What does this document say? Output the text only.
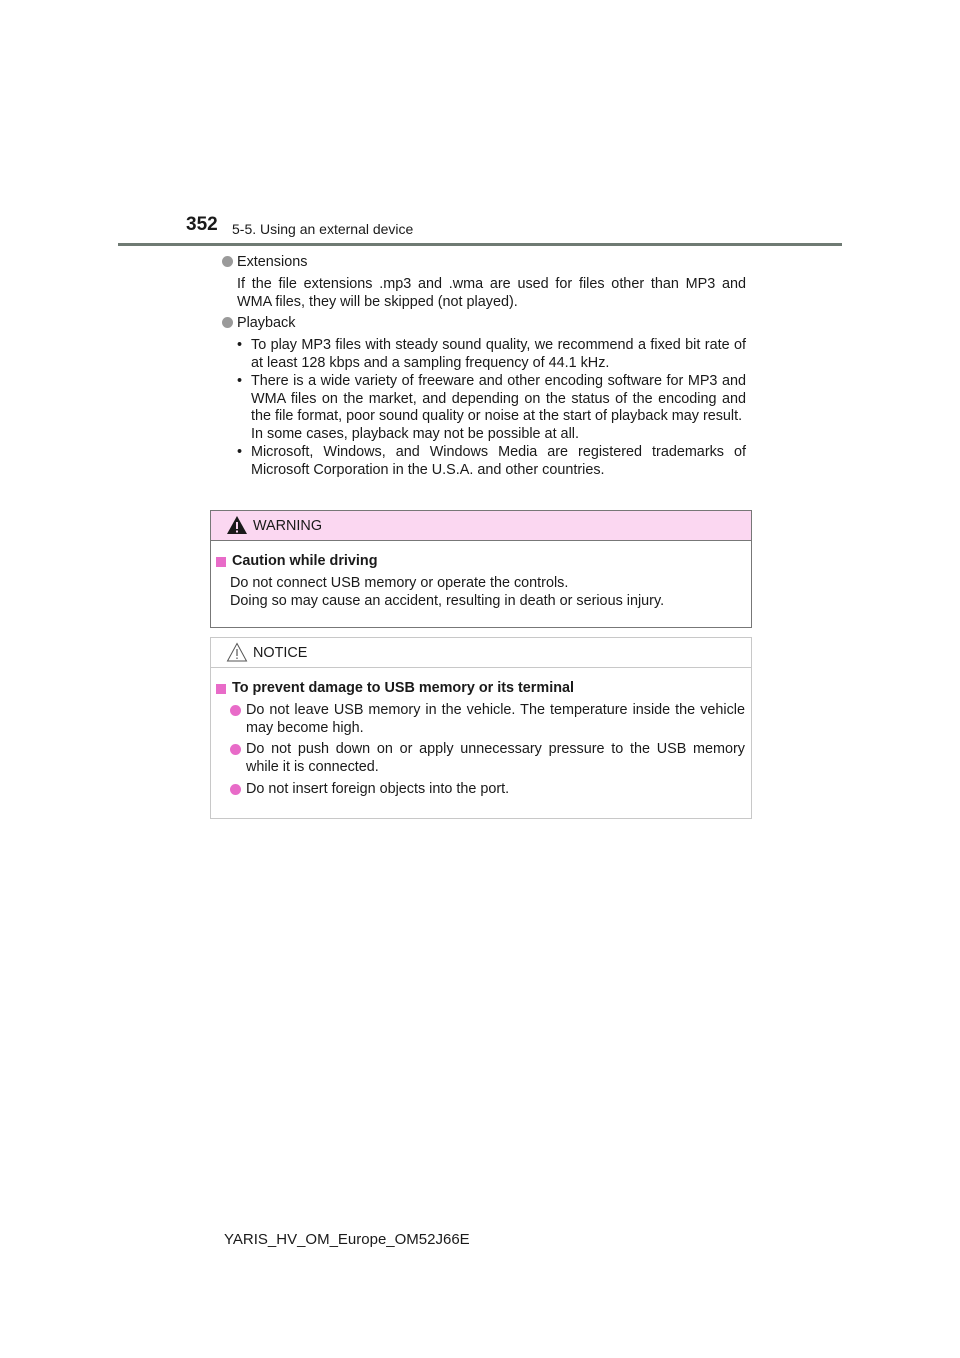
352 5-5. Using an external device
Extensions
If the file extensions .mp3 and .wma are used for files other than MP3 and WMA files, they will be skipped (not played).
Playback
• To play MP3 files with steady sound quality, we recommend a fixed bit rate of at least 128 kbps and a sampling frequency of 44.1 kHz.
• There is a wide variety of freeware and other encoding software for MP3 and WMA files on the market, and depending on the status of the encoding and the file format, poor sound quality or noise at the start of playback may result.
In some cases, playback may not be possible at all.
• Microsoft, Windows, and Windows Media are registered trademarks of Microsoft Corporation in the U.S.A. and other countries.
WARNING
Caution while driving
Do not connect USB memory or operate the controls.
Doing so may cause an accident, resulting in death or serious injury.
NOTICE
To prevent damage to USB memory or its terminal
Do not leave USB memory in the vehicle. The temperature inside the vehicle may become high.
Do not push down on or apply unnecessary pressure to the USB memory while it is connected.
Do not insert foreign objects into the port.
YARIS_HV_OM_Europe_OM52J66E
